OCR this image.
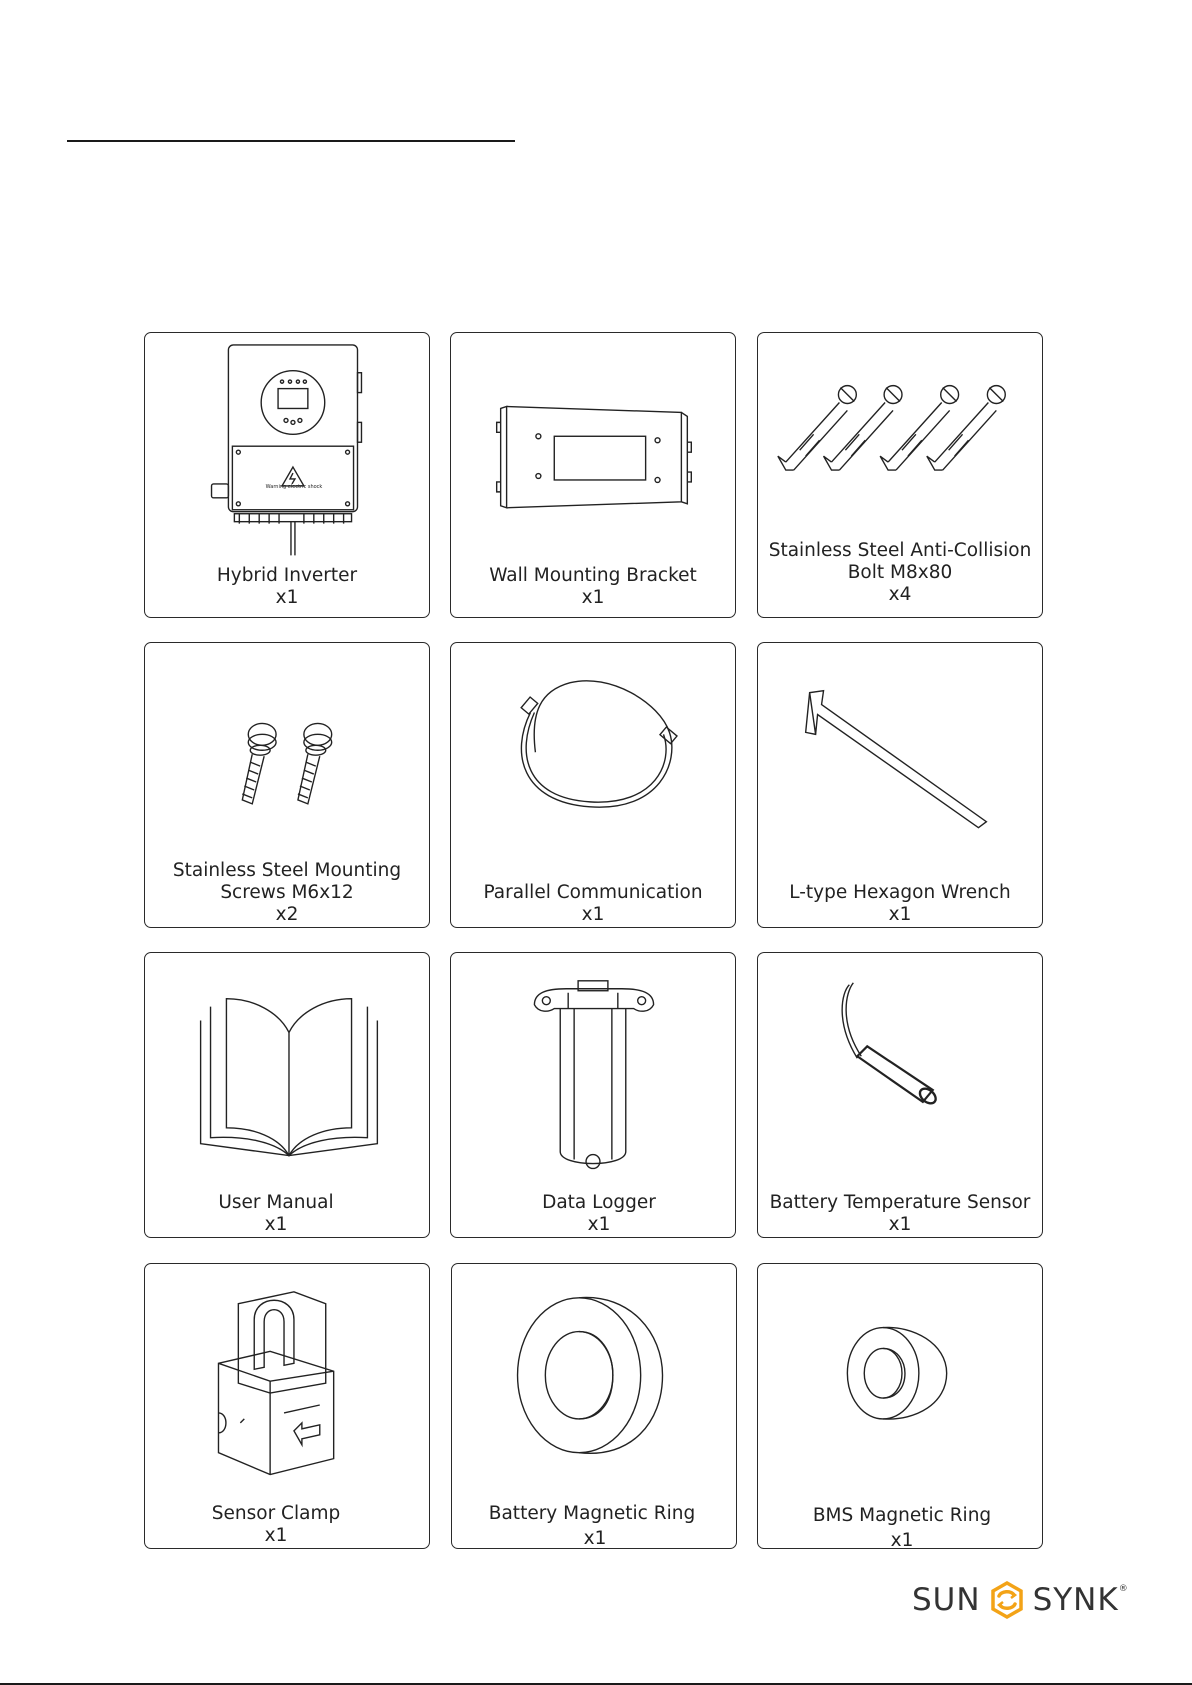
Warning electric shock
Hybrid Inverter
x1
Wall Mounting Bracket
x1
Stainless Steel Anti-Collision
Bolt M8x80
x4
Stainless Steel Mounting
Screws M6x12
x2
Parallel Communication
x1
L-type Hexagon Wrench
x1
User Manual
x1
Data Logger
x1
Battery Temperature Sensor
x1
Sensor Clamp
x1
Battery Magnetic Ring
x1
BMS Magnetic Ring
x1
SUN SYNK ®
